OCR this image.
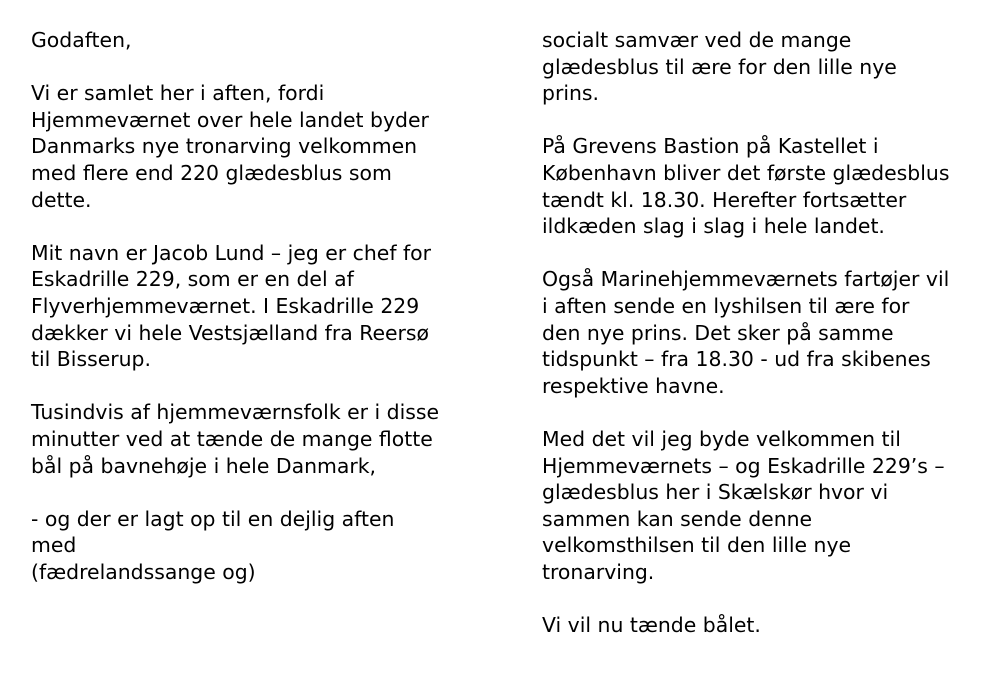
Godaften,
Vi er samlet her i aften, fordi
Hjemmeværnet over hele landet byder
Danmarks nye tronarving velkommen
med flere end 220 glædesblus som
dette.
Mit navn er Jacob Lund – jeg er chef for
Eskadrille 229, som er en del af
Flyverhjemmeværnet. I Eskadrille 229
dækker vi hele Vestsjælland fra Reersø
til Bisserup.
Tusindvis af hjemmeværnsfolk er i disse
minutter ved at tænde de mange flotte
bål på bavnehøje i hele Danmark,
- og der er lagt op til en dejlig aften
med
(fædrelandssange og)
socialt samvær ved de mange
glædesblus til ære for den lille nye
prins.
På Grevens Bastion på Kastellet i
København bliver det første glædesblus
tændt kl. 18.30. Herefter fortsætter
ildkæden slag i slag i hele landet.
Også Marinehjemmeværnets fartøjer vil
i aften sende en lyshilsen til ære for
den nye prins. Det sker på samme
tidspunkt – fra 18.30 - ud fra skibenes
respektive havne.
Med det vil jeg byde velkommen til
Hjemmeværnets – og Eskadrille 229’s –
glædesblus her i Skælskør hvor vi
sammen kan sende denne
velkomsthilsen til den lille nye
tronarving.
Vi vil nu tænde bålet.
